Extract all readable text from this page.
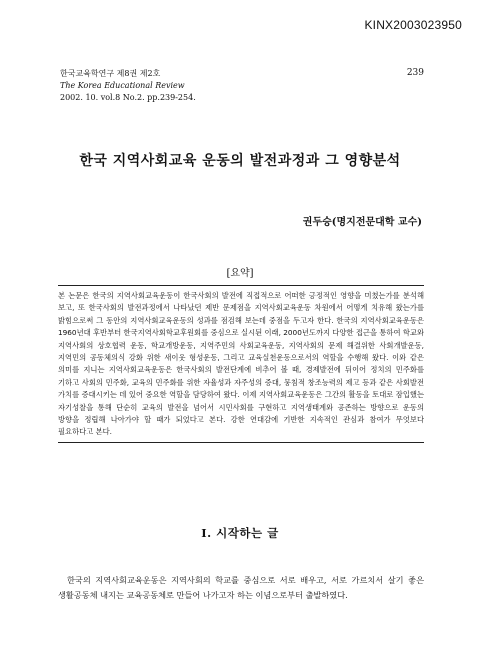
KINX2003023950
한국교육학연구 제8권 제2호
The Korea Educational Review
2002. 10. vol.8 No.2. pp.239-254.
239
한국 지역사회교육 운동의 발전과정과 그 영향분석
권두승(명지전문대학 교수)
[요약]

본 논문은 한국의 지역사회교육운동이 한국사회의 발전에 직접적으로 어떠한 긍정적인 영향을 미쳤는가를 분석해 보고, 또 한국사회의 발전과정에서 나타났던 제반 문제점을 지역사회교육운동 차원에서 어떻게 치유해 왔는가를 밝힘으로써 그 동안의 지역사회교육운동의 성과를 점검해 보는데 중점을 두고자 한다. 한국의 지역사회교육운동은 1960년대 후반부터 한국지역사회학교후원회를 중심으로 실시된 이래, 2000년도까지 다양한 접근을 통하여 학교와 지역사회의 상호협력 운동, 학교개방운동, 지역주민의 사회교육운동, 지역사회의 문제 해결위한 사회개발운동, 지역민의 공동체의식 강화 위한 새이웃 형성운동, 그리고 교육실천운동으로서의 역할을 수행해 왔다. 이와 같은 의미를 지니는 지역사회교육운동은 한국사회의 발전단계에 비추어 볼 때, 경제발전에 뒤이어 정치의 민주화를 기하고 사회의 민주화, 교육의 민주화를 위한 자율성과 자주성의 증대, 뭉침적 창조능력의 제고 등과 같은 사회발전 가치를 증대시키는 데 있어 중요한 역할을 담당하여 왔다. 이제 지역사회교육운동은 그간의 활동을 토대로 잠입했는 자기성찰을 통해 단순히 교육의 발전을 넘어서 시민사회를 구현하고 지역생태계와 공존하는 방향으로 운동의 방향을 정립해 나아가야 할 때가 되었다고 본다. 강한 연대감에 기반한 지속적인 관심과 참여가 무엇보다 필요하다고 본다.

Ⅰ. 시작하는 글

한국의 지역사회교육운동은 지역사회의 학교를 중심으로 서로 배우고, 서로 가르치서 살기 좋은 생활공동체 내지는 교육공동체로 만들어 나가고자 하는 이념으로부터 출발하였다.
